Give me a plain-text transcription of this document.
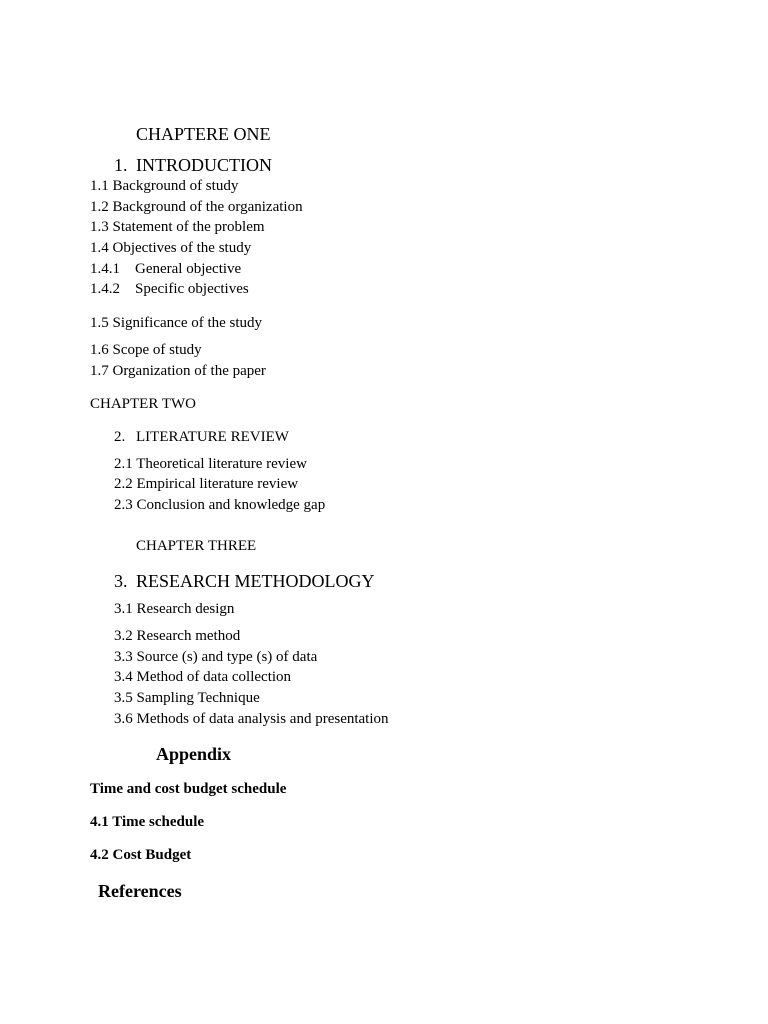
CHAPTERE ONE
1. INTRODUCTION
1.1 Background of study
1.2 Background of the organization
1.3 Statement of the problem
1.4 Objectives of the study
1.4.1 General objective
1.4.2 Specific objectives
1.5 Significance of the study
1.6 Scope of study
1.7 Organization of the paper
CHAPTER TWO
2. LITERATURE REVIEW
2.1 Theoretical literature review
2.2 Empirical literature review
2.3 Conclusion and knowledge gap
CHAPTER THREE
3. RESEARCH METHODOLOGY
3.1 Research design
3.2 Research method
3.3 Source (s) and type (s) of data
3.4 Method of data collection
3.5 Sampling Technique
3.6 Methods of data analysis and presentation
Appendix
Time and cost budget schedule
4.1 Time schedule
4.2 Cost Budget
References
